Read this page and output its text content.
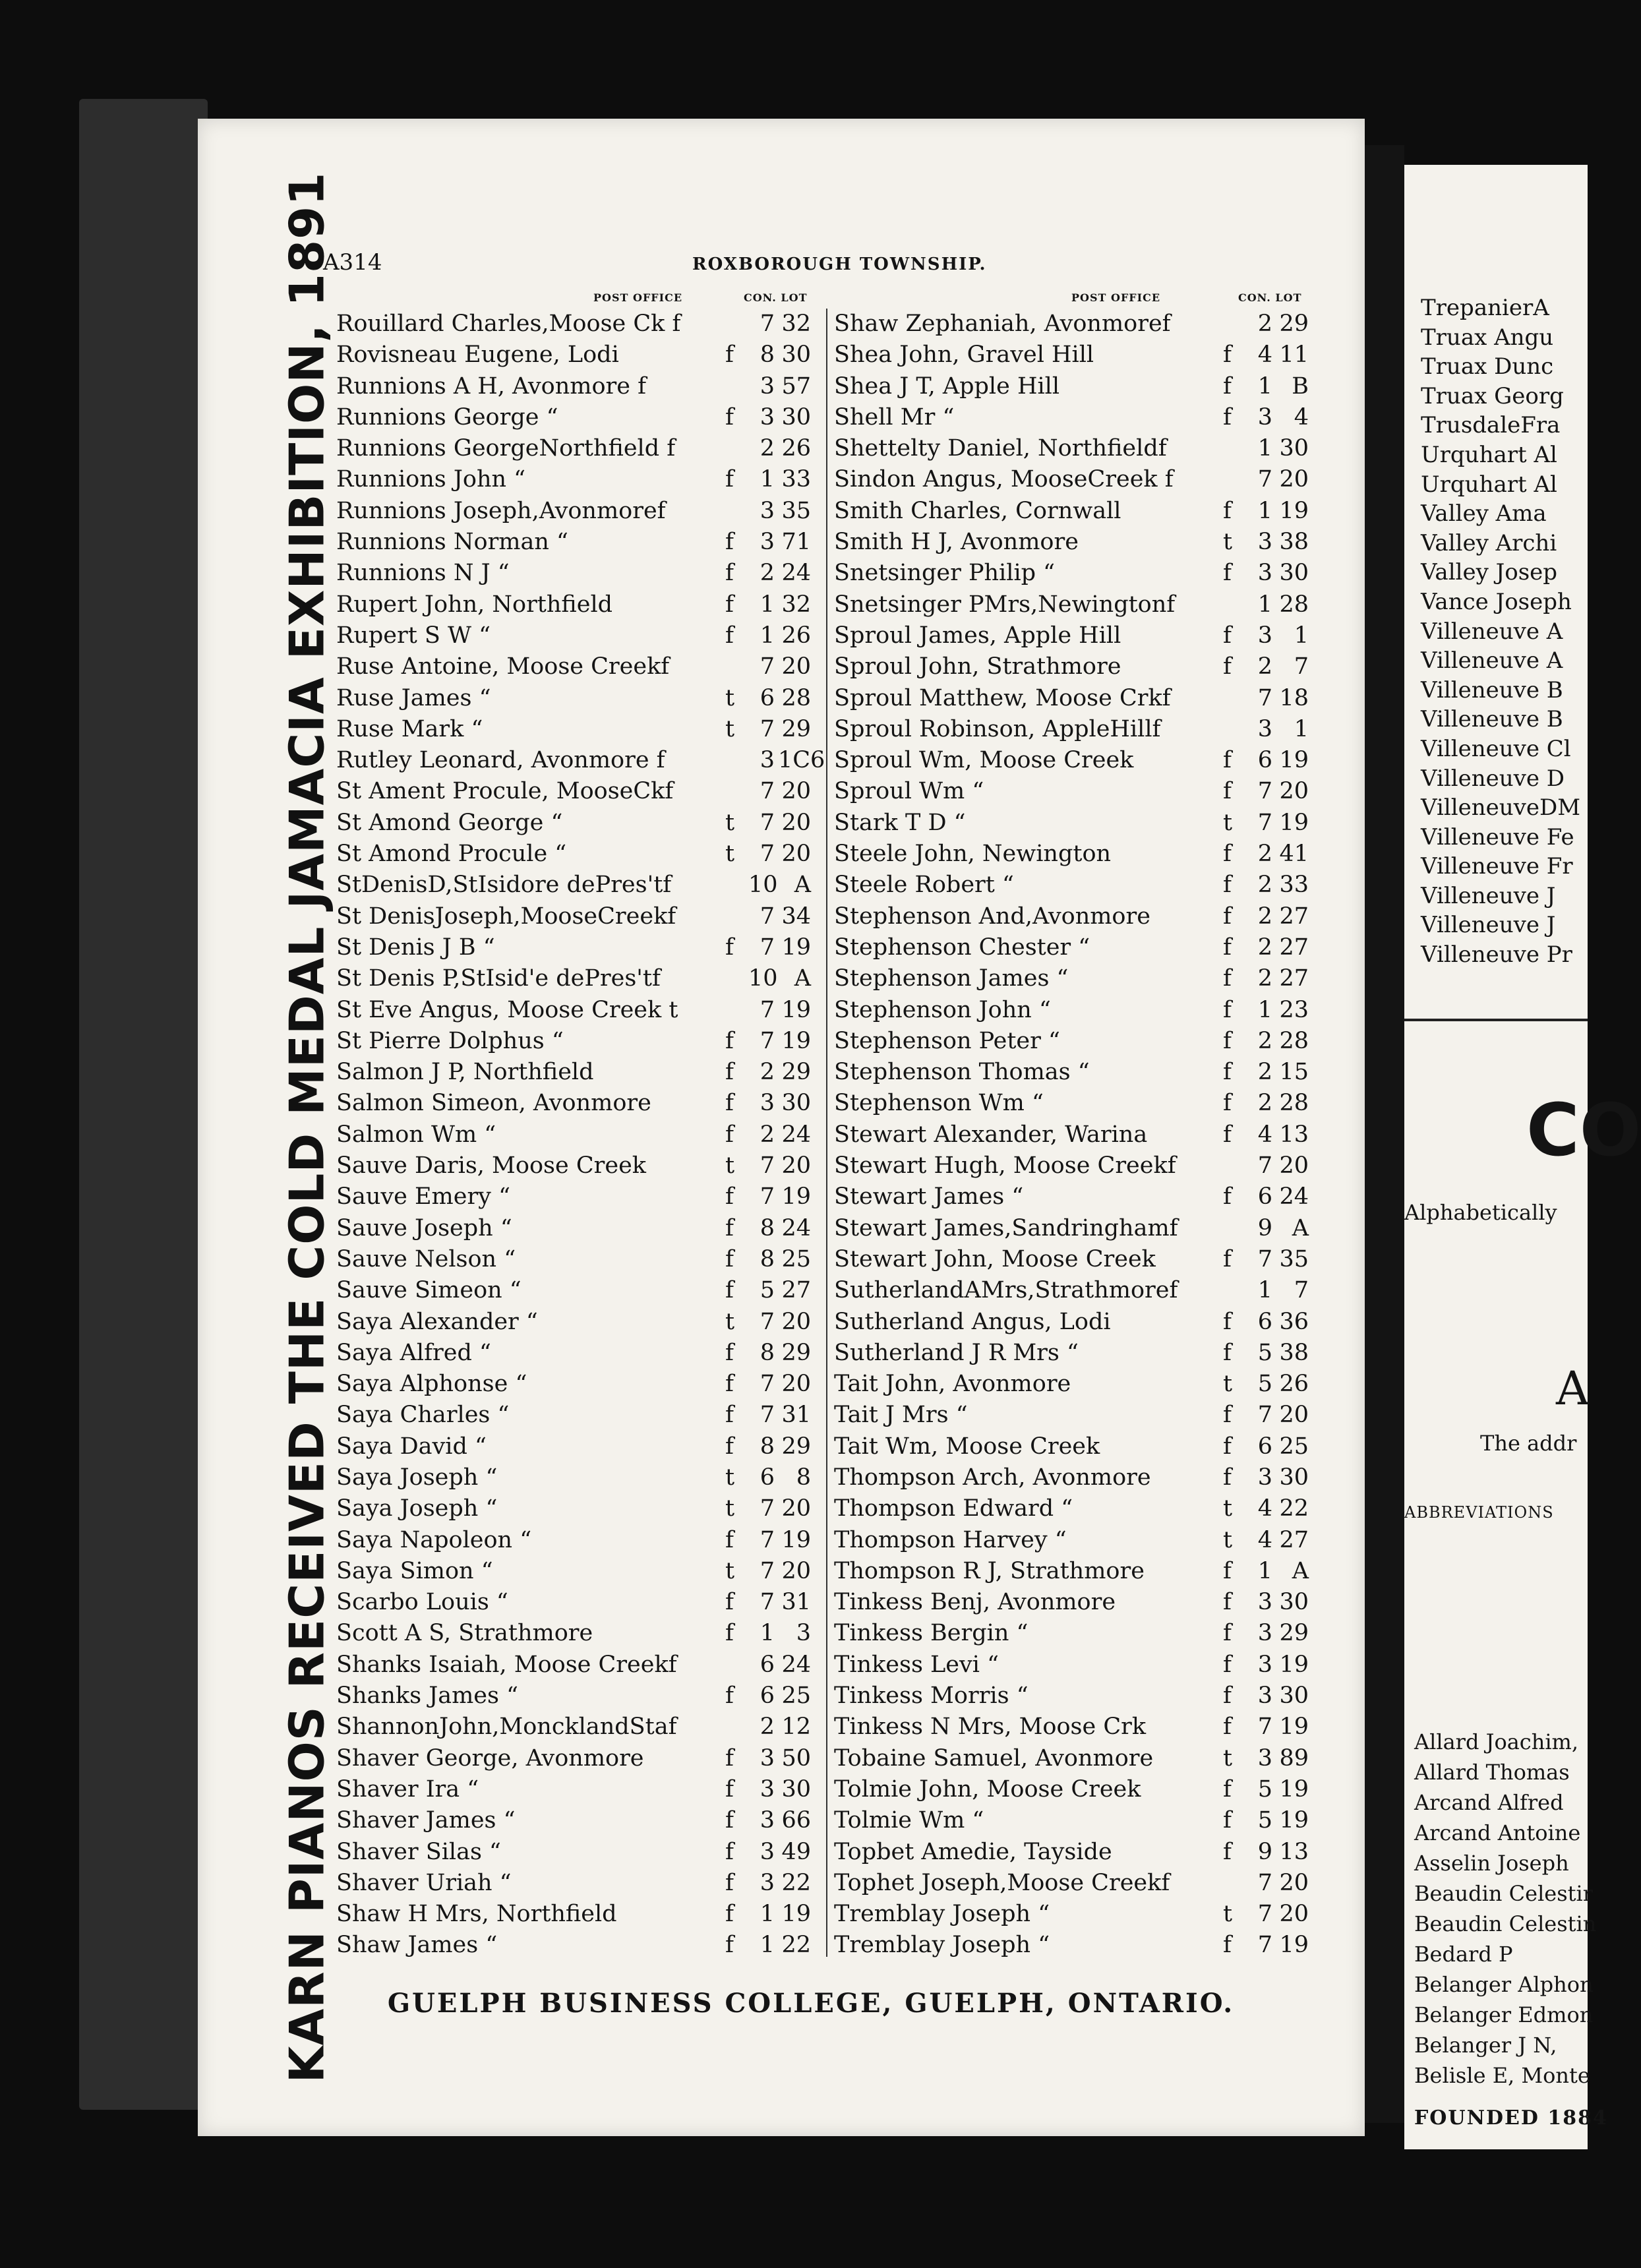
KARN PIANOS RECEIVED THE COLD MEDAL JAMACIA EXHIBITION, 1891
A314	ROXBOROUGH TOWNSHIP.
POST OFFICE	CON. LOT	POST OFFICE	CON. LOT
Rouillard Charles,Moose Ck f	7 32
Rovisneau Eugene, Lodi	f	8 30
Runnions A H, Avonmore f	3 57
Runnions George “	f	3 30
Runnions GeorgeNorthfield f	2 26
Runnions John “	f	1 33
Runnions Joseph,Avonmoref	3 35
Runnions Norman “	f	3 71
Runnions N J “	f	2 24
Rupert John, Northfield	f	1 32
Rupert S W “	f	1 26
Ruse Antoine, Moose Creekf	7 20
Ruse James “	t	6 28
Ruse Mark “	t	7 29
Rutley Leonard, Avonmore f	3 1C6
St Ament Procule, MooseCkf	7 20
St Amond George “	t	7 20
St Amond Procule “	t	7 20
StDenisD,StIsidore dePres'tf	10 A
St DenisJoseph,MooseCreekf	7 34
St Denis J B “	f	7 19
St Denis P,StIsid'e dePres'tf	10 A
St Eve Angus, Moose Creek t	7 19
St Pierre Dolphus “	f	7 19
Salmon J P, Northfield	f	2 29
Salmon Simeon, Avonmore	f	3 30
Salmon Wm “	f	2 24
Sauve Daris, Moose Creek	t	7 20
Sauve Emery “	f	7 19
Sauve Joseph “	f	8 24
Sauve Nelson “	f	8 25
Sauve Simeon “	f	5 27
Saya Alexander “	t	7 20
Saya Alfred “	f	8 29
Saya Alphonse “	f	7 20
Saya Charles “	f	7 31
Saya David “	f	8 29
Saya Joseph “	t	6 8
Saya Joseph “	t	7 20
Saya Napoleon “	f	7 19
Saya Simon “	t	7 20
Scarbo Louis “	f	7 31
Scott A S, Strathmore	f	1 3
Shanks Isaiah, Moose Creekf	6 24
Shanks James “	f	6 25
ShannonJohn,MoncklandStaf	2 12
Shaver George, Avonmore	f	3 50
Shaver Ira “	f	3 30
Shaver James “	f	3 66
Shaver Silas “	f	3 49
Shaver Uriah “	f	3 22
Shaw H Mrs, Northfield	f	1 19
Shaw James “	f	1 22
Shaw Zephaniah, Avonmoref	2 29
Shea John, Gravel Hill	f	4 11
Shea J T, Apple Hill	f	1 B
Shell Mr “	f	3 4
Shettelty Daniel, Northfieldf	1 30
Sindon Angus, MooseCreek f	7 20
Smith Charles, Cornwall	f	1 19
Smith H J, Avonmore	t	3 38
Snetsinger Philip “	f	3 30
Snetsinger PMrs,Newingtonf	1 28
Sproul James, Apple Hill	f	3 1
Sproul John, Strathmore	f	2 7
Sproul Matthew, Moose Crkf	7 18
Sproul Robinson, AppleHillf	3 1
Sproul Wm, Moose Creek	f	6 19
Sproul Wm “	f	7 20
Stark T D “	t	7 19
Steele John, Newington	f	2 41
Steele Robert “	f	2 33
Stephenson And,Avonmore	f	2 27
Stephenson Chester “	f	2 27
Stephenson James “	f	2 27
Stephenson John “	f	1 23
Stephenson Peter “	f	2 28
Stephenson Thomas “	f	2 15
Stephenson Wm “	f	2 28
Stewart Alexander, Warina	f	4 13
Stewart Hugh, Moose Creekf	7 20
Stewart James “	f	6 24
Stewart James,Sandringhamf	9 A
Stewart John, Moose Creek	f	7 35
SutherlandAMrs,Strathmoref	1 7
Sutherland Angus, Lodi	f	6 36
Sutherland J R Mrs “	f	5 38
Tait John, Avonmore	t	5 26
Tait J Mrs “	f	7 20
Tait Wm, Moose Creek	f	6 25
Thompson Arch, Avonmore	f	3 30
Thompson Edward “	t	4 22
Thompson Harvey “	t	4 27
Thompson R J, Strathmore	f	1 A
Tinkess Benj, Avonmore	f	3 30
Tinkess Bergin “	f	3 29
Tinkess Levi “	f	3 19
Tinkess Morris “	f	3 30
Tinkess N Mrs, Moose Crk	f	7 19
Tobaine Samuel, Avonmore	t	3 89
Tolmie John, Moose Creek	f	5 19
Tolmie Wm “	f	5 19
Topbet Amedie, Tayside	f	9 13
Tophet Joseph,Moose Creekf	7 20
Tremblay Joseph “	t	7 20
Tremblay Joseph “	f	7 19
GUELPH BUSINESS COLLEGE, GUELPH, ONTARIO.
TrepanierA
Truax Angu
Truax Dunc
Truax Georg
TrusdaleFra
Urquhart Al
Urquhart Al
Valley Ama
Valley Archi
Valley Josep
Vance Joseph
Villeneuve A
Villeneuve A
Villeneuve B
Villeneuve B
Villeneuve Cl
Villeneuve D
VilleneuveDM
Villeneuve Fe
Villeneuve Fr
Villeneuve J
Villeneuve J
Villeneuve Pr
CO
Alphabetically
A
The addr
ABBREVIATIONS
Allard Joachim,
Allard Thomas
Arcand Alfred
Arcand Antoine
Asselin Joseph
Beaudin Celestir
Beaudin Celestin
Bedard P
Belanger Alphon
Belanger Edmon
Belanger J N,
Belisle E, Monte
FOUNDED 1884
